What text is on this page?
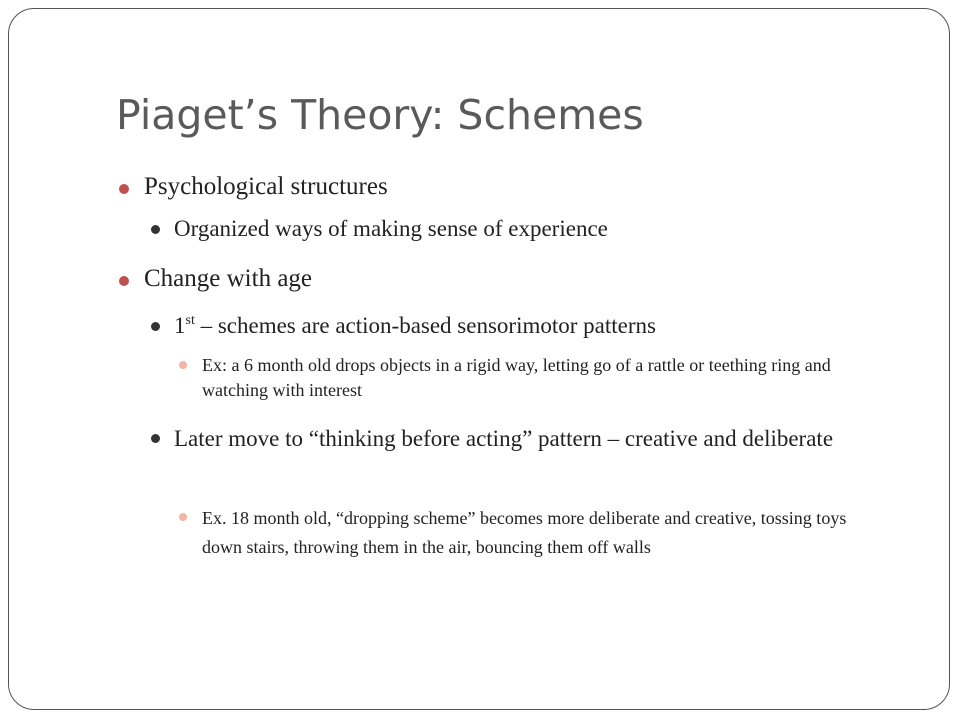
Piaget’s Theory: Schemes

Psychological structures

Organized ways of making sense of experience

Change with age

1st – schemes are action-based sensorimotor patterns

Ex: a 6 month old drops objects in a rigid way, letting go of a rattle or teething ring and watching with interest

Later move to “thinking before acting” pattern – creative and deliberate

Ex. 18 month old, “dropping scheme” becomes more deliberate and creative, tossing toys down stairs, throwing them in the air, bouncing them off walls
